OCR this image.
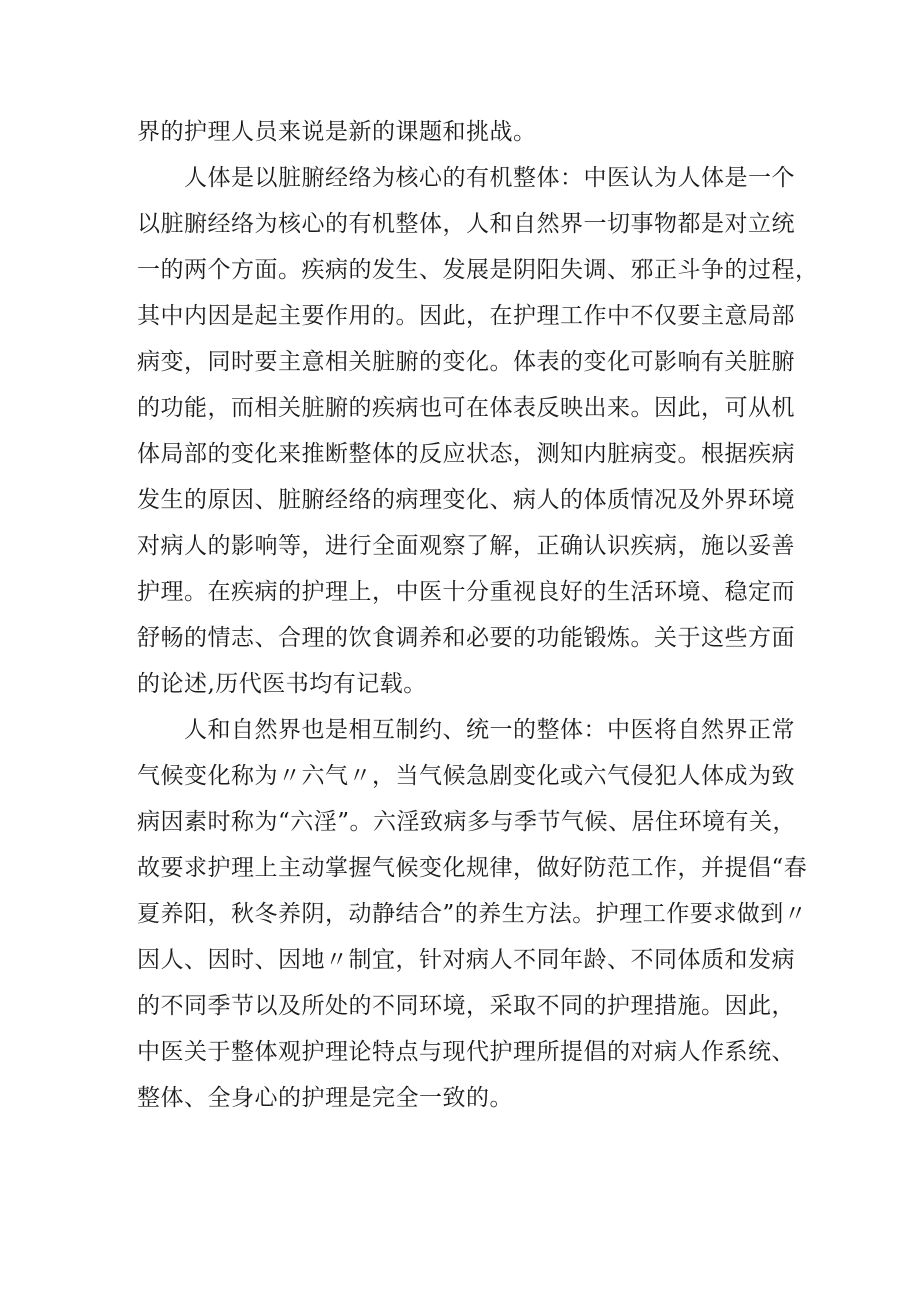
界的护理人员来说是新的课题和挑战。
人体是以脏腑经络为核心的有机整体：中医认为人体是一个
以脏腑经络为核心的有机整体，人和自然界一切事物都是对立统
一的两个方面。疾病的发生、发展是阴阳失调、邪正斗争的过程，
其中内因是起主要作用的。因此，在护理工作中不仅要主意局部
病变，同时要主意相关脏腑的变化。体表的变化可影响有关脏腑
的功能，而相关脏腑的疾病也可在体表反映出来。因此，可从机
体局部的变化来推断整体的反应状态，测知内脏病变。根据疾病
发生的原因、脏腑经络的病理变化、病人的体质情况及外界环境
对病人的影响等，进行全面观察了解，正确认识疾病，施以妥善
护理。在疾病的护理上，中医十分重视良好的生活环境、稳定而
舒畅的情志、合理的饮食调养和必要的功能锻炼。关于这些方面
的论述,历代医书均有记载。
人和自然界也是相互制约、统一的整体：中医将自然界正常
气候变化称为〃六气〃，当气候急剧变化或六气侵犯人体成为致
病因素时称为“六淫”。六淫致病多与季节气候、居住环境有关，
故要求护理上主动掌握气候变化规律，做好防范工作，并提倡“春
夏养阳，秋冬养阴，动静结合”的养生方法。护理工作要求做到〃
因人、因时、因地〃制宜，针对病人不同年龄、不同体质和发病
的不同季节以及所处的不同环境，采取不同的护理措施。因此，
中医关于整体观护理论特点与现代护理所提倡的对病人作系统、
整体、全身心的护理是完全一致的。
